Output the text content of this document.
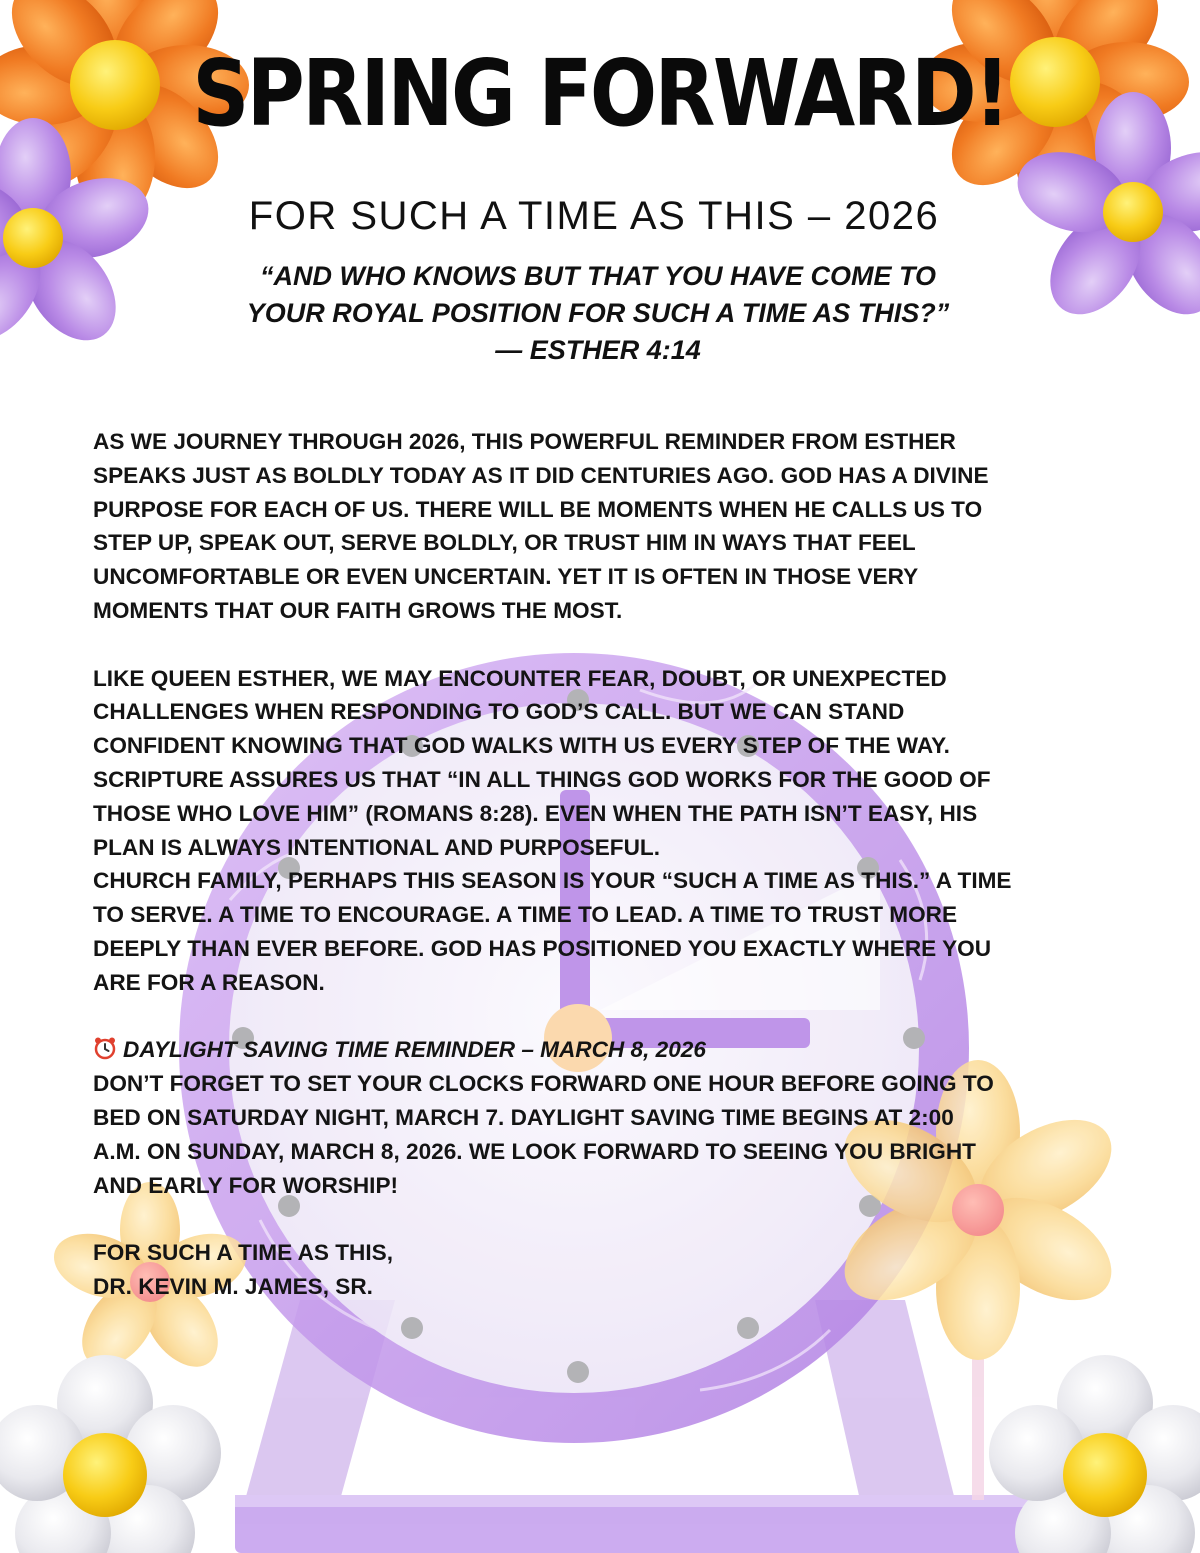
SPRING FORWARD!
FOR SUCH A TIME AS THIS – 2026
“AND WHO KNOWS BUT THAT YOU HAVE COME TO
YOUR ROYAL POSITION FOR SUCH A TIME AS THIS?”
— ESTHER 4:14

AS WE JOURNEY THROUGH 2026, THIS POWERFUL REMINDER FROM ESTHER

SPEAKS JUST AS BOLDLY TODAY AS IT DID CENTURIES AGO. GOD HAS A DIVINE

PURPOSE FOR EACH OF US. THERE WILL BE MOMENTS WHEN HE CALLS US TO

STEP UP, SPEAK OUT, SERVE BOLDLY, OR TRUST HIM IN WAYS THAT FEEL

UNCOMFORTABLE OR EVEN UNCERTAIN. YET IT IS OFTEN IN THOSE VERY

MOMENTS THAT OUR FAITH GROWS THE MOST.

LIKE QUEEN ESTHER, WE MAY ENCOUNTER FEAR, DOUBT, OR UNEXPECTED

CHALLENGES WHEN RESPONDING TO GOD’S CALL. BUT WE CAN STAND

CONFIDENT KNOWING THAT GOD WALKS WITH US EVERY STEP OF THE WAY.

SCRIPTURE ASSURES US THAT “IN ALL THINGS GOD WORKS FOR THE GOOD OF

THOSE WHO LOVE HIM” (ROMANS 8:28). EVEN WHEN THE PATH ISN’T EASY, HIS

PLAN IS ALWAYS INTENTIONAL AND PURPOSEFUL.

CHURCH FAMILY, PERHAPS THIS SEASON IS YOUR “SUCH A TIME AS THIS.” A TIME

TO SERVE. A TIME TO ENCOURAGE. A TIME TO LEAD. A TIME TO TRUST MORE

DEEPLY THAN EVER BEFORE. GOD HAS POSITIONED YOU EXACTLY WHERE YOU

ARE FOR A REASON.

DAYLIGHT SAVING TIME REMINDER – MARCH 8, 2026

DON’T FORGET TO SET YOUR CLOCKS FORWARD ONE HOUR BEFORE GOING TO

BED ON SATURDAY NIGHT, MARCH 7. DAYLIGHT SAVING TIME BEGINS AT 2:00

A.M. ON SUNDAY, MARCH 8, 2026. WE LOOK FORWARD TO SEEING YOU BRIGHT

AND EARLY FOR WORSHIP!

FOR SUCH A TIME AS THIS,

DR. KEVIN M. JAMES, SR.
